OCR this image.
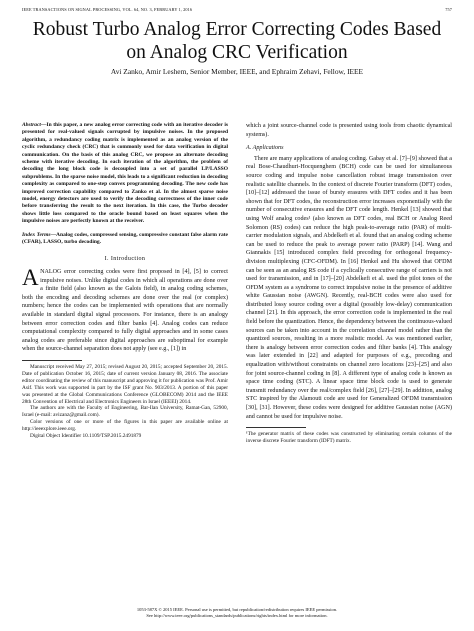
IEEE TRANSACTIONS ON SIGNAL PROCESSING, VOL. 64, NO. 3, FEBRUARY 1, 2016	757
Robust Turbo Analog Error Correcting Codes Based on Analog CRC Verification
Avi Zanko, Amir Leshem, Senior Member, IEEE, and Ephraim Zehavi, Fellow, IEEE

Abstract—In this paper, a new analog error correcting code with an iterative decoder is presented for real-valued signals corrupted by impulsive noises. In the proposed algorithm, a redundancy coding matrix is implemented as an analog version of the cyclic redundancy check (CRC) that is commonly used for data verification in digital communication. On the basis of this analog CRC, we propose an alternate decoding scheme with iterative decoding. In each iteration of the algorithm, the problem of decoding the long block code is decoupled into a set of parallel LP/LASSO subproblems. In the sparse noise model, this leads to a significant reduction in decoding complexity as compared to one-step convex programming decoding. The new code has improved correction capability compared to Zanko et al. In the almost sparse noise model, energy detectors are used to verify the decoding correctness of the inner code before transferring the result to the next iteration. In this case, the Turbo decoder shows little loss compared to the oracle bound based on least squares when the impulsive noises are perfectly known at the receiver.

Index Terms—Analog codes, compressed sensing, compressive constant false alarm rate (CFAR), LASSO, turbo decoding.

I. Introduction

ANALOG error correcting codes were first proposed in [4], [5] to correct impulsive noises. Unlike digital codes in which all operations are done over a finite field (also known as the Galois field), in analog coding schemes, both the encoding and decoding schemes are done over the real (or complex) numbers; hence the codes can be implemented with operations that are normally available in standard digital signal processors. For instance, there is an analogy between error correction codes and filter banks [4]. Analog codes can reduce computational complexity compared to fully digital approaches and in some cases analog codes are preferable since digital approaches are suboptimal for example when the source-channel separation does not apply (see e.g., [1]) in

Manuscript received May 27, 2015; revised August 20, 2015; accepted September 20, 2015. Date of publication October 16, 2015; date of current version January 08, 2016. The associate editor coordinating the review of this manuscript and approving it for publication was Prof. Amir Asif. This work was supported in part by the ISF grant No. 903/2013. A portion of this paper was presented at the Global Communications Conference (GLOBECOM) 2014 and the IEEE 28th Convention of Electrical and Electronics Engineers in Israel (IEEEI) 2014.

The authors are with the Faculty of Engineering, Bar-Ilan University, Ramat-Gan, 52900, Israel (e-mail: avizanz@gmail.com).

Color versions of one or more of the figures in this paper are available online at http://ieeexplore.ieee.org.

Digital Object Identifier 10.1109/TSP.2015.2491879

which a joint source-channel code is presented using tools from chaotic dynamical systems).

A. Applications

There are many applications of analog coding. Gabay et al. [7]–[9] showed that a real Bose-Chaudhuri-Hocquenghem (BCH) code can be used for simultaneous source coding and impulse noise cancellation robust image transmission over realistic satellite channels. In the context of discrete Fourier transform (DFT) codes, [10]–[12] addressed the issue of bursty erasures with DFT codes and it has been shown that for DFT codes, the reconstruction error increases exponentially with the number of consecutive erasures and the DFT code length. Henkel [13] showed that using Wolf analog codes¹ (also known as DFT codes, real BCH or Analog Reed Solomon (RS) codes) can reduce the high peak-to-average ratio (PAR) of multi-carrier modulation signals, and Abdelkefi et al. found that an analog coding scheme can be used to reduce the peak to average power ratio (PARP) [14]. Wang and Giannakis [15] introduced complex field precoding for orthogonal frequency-division multiplexing (CFC-OFDM). In [16] Henkel and Hu showed that OFDM can be seen as an analog RS code if a cyclically consecutive range of carriers is not used for transmission, and in [17]–[20] Abdelkefi et al. used the pilot tones of the OFDM system as a syndrome to correct impulsive noise in the presence of additive white Gaussian noise (AWGN). Recently, real-BCH codes were also used for distributed lossy source coding over a digital (possibly low-delay) communication channel [21]. In this approach, the error correction code is implemented in the real field before the quantization. Hence, the dependency between the continuous-valued sources can be taken into account in the correlation channel model rather than the quantized sources, resulting in a more realistic model. As was mentioned earlier, there is analogy between error correction codes and filter banks [4]. This analogy was later extended in [22] and adapted for purposes of e.g., precoding and equalization with/without constraints on channel zero locations [23]–[25] and also for joint source-channel coding in [8]. A different type of analog code is known as space time coding (STC). A linear space time block code is used to generate transmit redundancy over the real/complex field [26], [27]–[29]. In addition, analog STC inspired by the Alamouti code are used for Generalized OFDM transmission [30], [31]. However, these codes were designed for additive Gaussian noise (AGN) and cannot be used for impulsive noise.

¹The generator matrix of these codes was constructed by eliminating certain columns of the inverse discrete Fourier transform (IDFT) matrix.

1053-587X © 2015 IEEE. Personal use is permitted, but republication/redistribution requires IEEE permission.
See http://www.ieee.org/publications_standards/publications/rights/index.html for more information.
